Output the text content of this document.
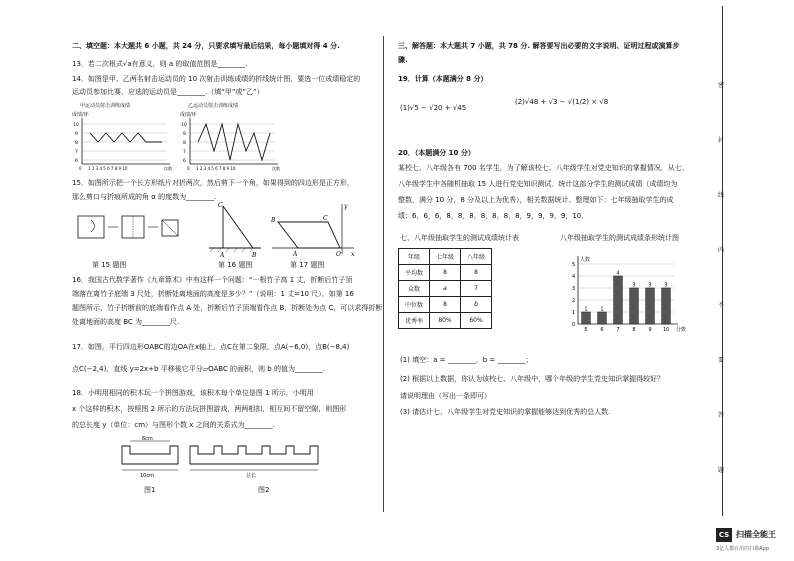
二、填空题：本大题共 6 小题，共 24 分，只要求填写最后结果，每小题填对得 4 分.
13．若二次根式√a有意义，则 a 的取值范围是________.
14．如图是甲、乙两名射击运动员的 10 次射击训练成绩的折线统计图，要选一位成绩稳定的
运动员参加比赛，应选的运动员是________.（填“甲”或“乙”）
甲运动员射击训练成绩
成绩/环
10
9
8
7
6
0 1 2 3 4 5 6 7 8 9 10	次数
乙运动员射击训练成绩
成绩/环
10
9
8
7
6
0 1 2 3 4 5 6 7 8 9 10	次数
15．如图所示把一个长方形纸片对折两次，然后剪下一个角，如果得到的四边形是正方形，
那么剪口与折痕所成的角 α 的度数为________.
C
A	B
y
C
B
A	O x
第 15 题图	第 16 题图	第 17 题图
16．我国古代数学著作《九章算术》中有这样一个问题：“一根竹子高 1 丈，折断后竹子顶
端落在离竹子底端 3 尺处，折断处离地面的高度是多少？”（说明：1 丈=10 尺）．如第 16
题图所示，竹子折断前的底端看作点 A 处，折断后竹子顶端看作点 B，折断处为点 C，可以求得折断
处离地面的高度 BC 为________尺.
17．如图，平行四边形OABC的边OA在x轴上，点C在第二象限，点A(−6,0)，点B(−8,4)
点C(−2,4)，直线 y=2x+b 平移後它平分▱OABC 的面积，则 b 的值为________.
18．小明用相同的积木玩一个拼图游戏，该积木每个单位是图 1 所示，小明用
x 个这样的积木，按照图 2 所示的方法玩拼图游戏，两两相扣，相互间不留空隙，则图形
的总长度 y（单位：cm）与图形个数 x 之间的关系式为________.
6cm
10cm	总长
图1	图2
三、解答题：本大题共 7 小题，共 78 分. 解答要写出必要的文字说明、证明过程或演算步
骤.
19．计算（本题满分 8 分）
(1)√5 − √20 + √45
(2)√48 + √3 − √(1/2) × √8
20．（本题满分 10 分）
某校七、八年级各有 700 名学生，为了解该校七、八年级学生对党史知识的掌握情况，从七、
八年级学生中各随机抽取 15 人进行党史知识测试．统计这部分学生的测试成绩（成绩均为
整数，满分 10 分，8 分及以上为优秀），相关数据统计、整理如下：七年级抽取学生的成
绩：6，6，6，8，8，8，8，8，8，8，9，9，9，9，10．
七、八年级抽取学生的测试成绩统计表	八年级抽取学生的测试成绩条形统计图
年级	七年级	八年级
平均数	8	8
众数	a	7
中位数	8	b
优秀率	80%	60%
5
4
3
2
1
0
1
5
1
6
4
7
3
8
3
9
3
10
人数
分数
(1) 填空：a = ________，b = ________；
(2) 根据以上数据，你认为该校七、八年级中，哪个年级的学生党史知识掌握得较好？
请说明理由（写出一条即可）
(3) 请估计七、八年级学生对党史知识的掌握能够达到优秀的总人数.
密
封
线
内
不
要
答
题
CS 扫描全能王
3亿人都在用的扫描App
